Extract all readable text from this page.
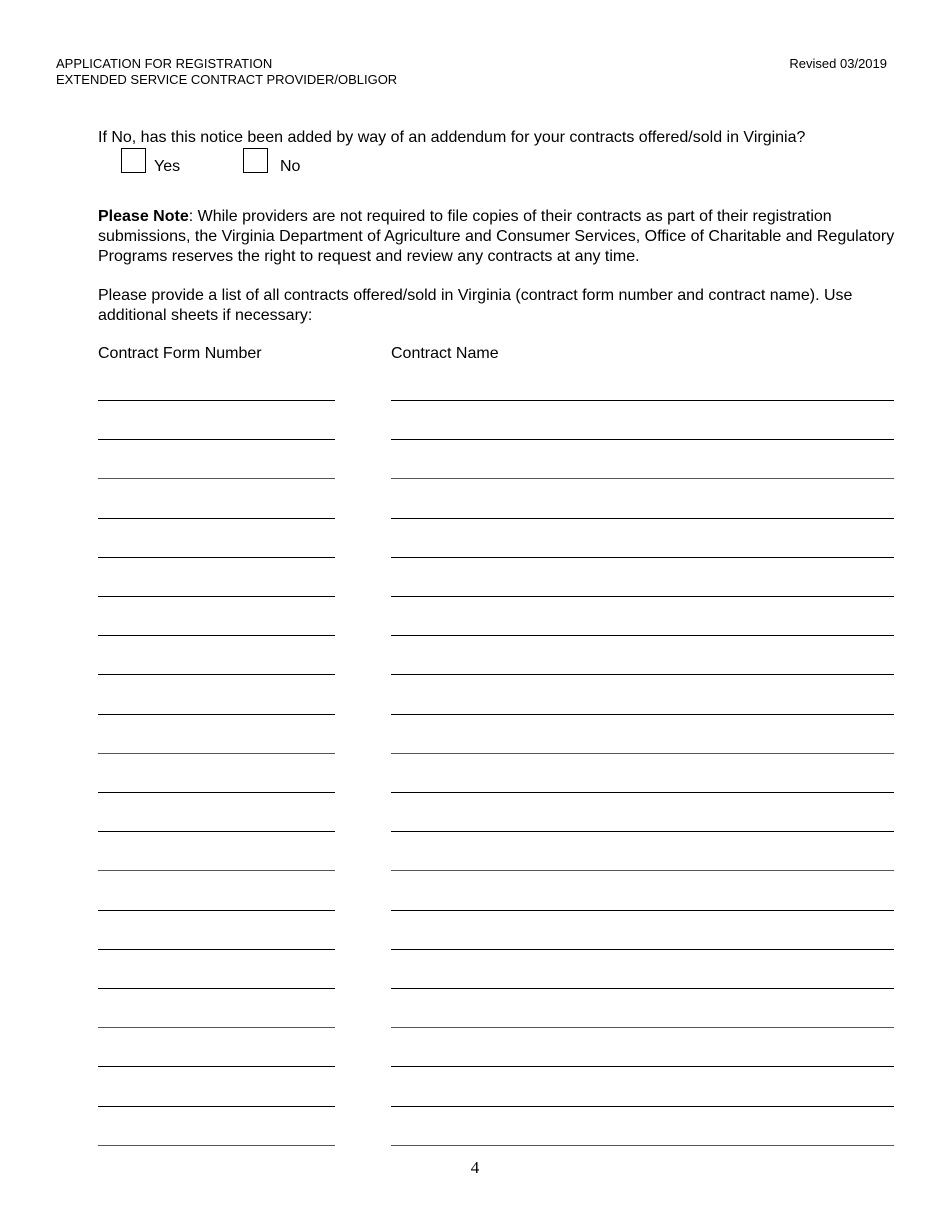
APPLICATION FOR REGISTRATION
EXTENDED SERVICE CONTRACT PROVIDER/OBLIGOR
Revised 03/2019
If No, has this notice been added by way of an addendum for your contracts offered/sold in Virginia?
Yes	No
Please Note: While providers are not required to file copies of their contracts as part of their registration submissions, the Virginia Department of Agriculture and Consumer Services, Office of Charitable and Regulatory Programs reserves the right to request and review any contracts at any time.
Please provide a list of all contracts offered/sold in Virginia (contract form number and contract name). Use additional sheets if necessary:
Contract Form Number	Contract Name
4
